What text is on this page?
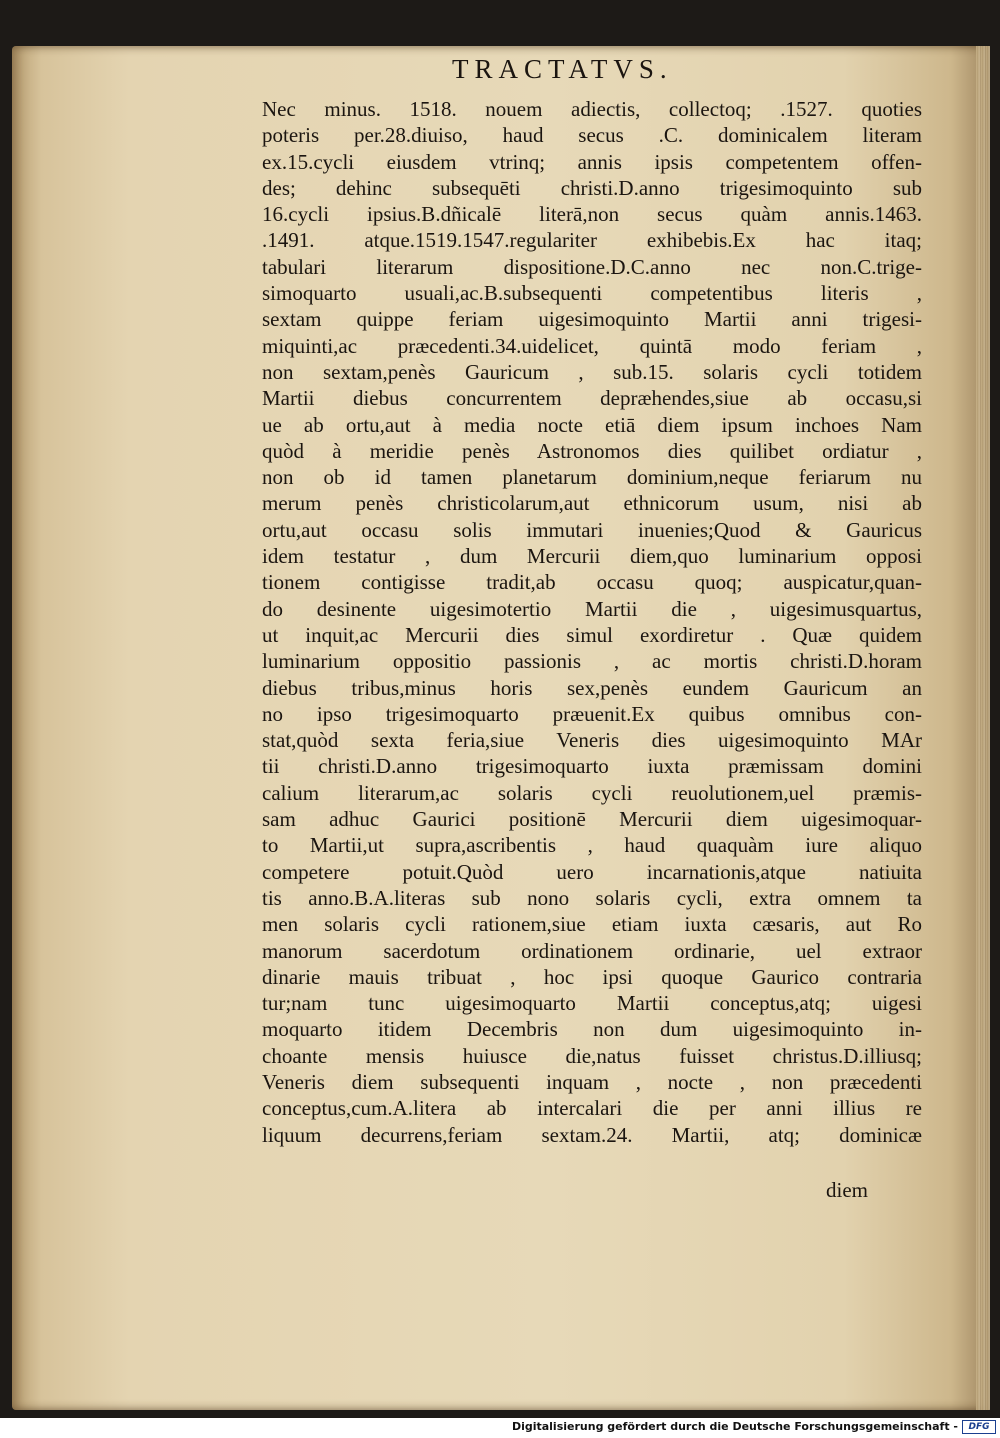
TRACTATVS.
Nec minus. 1518. nouem adiectis, collectoq; .1527. quoties
poteris per.28.diuiso, haud secus .C. dominicalem literam
ex.15.cycli eiusdem vtrinq; annis ipsis competentem offen-
des; dehinc subsequēti christi.D.anno trigesimoquinto sub
16.cycli ipsius.B.dñicalē literā,non secus quàm annis.1463.
.1491. atque.1519.1547.regulariter exhibebis.Ex hac itaq;
tabulari literarum dispositione.D.C.anno nec non.C.trige-
simoquarto usuali,ac.B.subsequenti competentibus literis ,
sextam quippe feriam uigesimoquinto Martii anni trigesi-
miquinti,ac præcedenti.34.uidelicet, quintā modo feriam ,
non sextam,penès Gauricum , sub.15. solaris cycli totidem
Martii diebus concurrentem depræhendes,siue ab occasu,si
ue ab ortu,aut à media nocte etiā diem ipsum inchoes Nam
quòd à meridie penès Astronomos dies quilibet ordiatur ,
non ob id tamen planetarum dominium,neque feriarum nu
merum penès christicolarum,aut ethnicorum usum, nisi ab
ortu,aut occasu solis immutari inuenies;Quod & Gauricus
idem testatur , dum Mercurii diem,quo luminarium opposi
tionem contigisse tradit,ab occasu quoq; auspicatur,quan-
do desinente uigesimotertio Martii die , uigesimusquartus,
ut inquit,ac Mercurii dies simul exordiretur . Quæ quidem
luminarium oppositio passionis , ac mortis christi.D.horam
diebus tribus,minus horis sex,penès eundem Gauricum an
no ipso trigesimoquarto præuenit.Ex quibus omnibus con-
stat,quòd sexta feria,siue Veneris dies uigesimoquinto MAr
tii christi.D.anno trigesimoquarto iuxta præmissam domini
calium literarum,ac solaris cycli reuolutionem,uel præmis-
sam adhuc Gaurici positionē Mercurii diem uigesimoquar-
to Martii,ut supra,ascribentis , haud quaquàm iure aliquo
competere potuit.Quòd uero incarnationis,atque natiuita
tis anno.B.A.literas sub nono solaris cycli, extra omnem ta
men solaris cycli rationem,siue etiam iuxta cæsaris, aut Ro
manorum sacerdotum ordinationem ordinarie, uel extraor
dinarie mauis tribuat , hoc ipsi quoque Gaurico contraria
tur;nam tunc uigesimoquarto Martii conceptus,atq; uigesi
moquarto itidem Decembris non dum uigesimoquinto in-
choante mensis huiusce die,natus fuisset christus.D.illiusq;
Veneris diem subsequenti inquam , nocte , non præcedenti
conceptus,cum.A.litera ab intercalari die per anni illius re
liquum decurrens,feriam sextam.24. Martii, atq; dominicæ
diem
Digitalisierung gefördert durch die Deutsche Forschungsgemeinschaft -	DFG
